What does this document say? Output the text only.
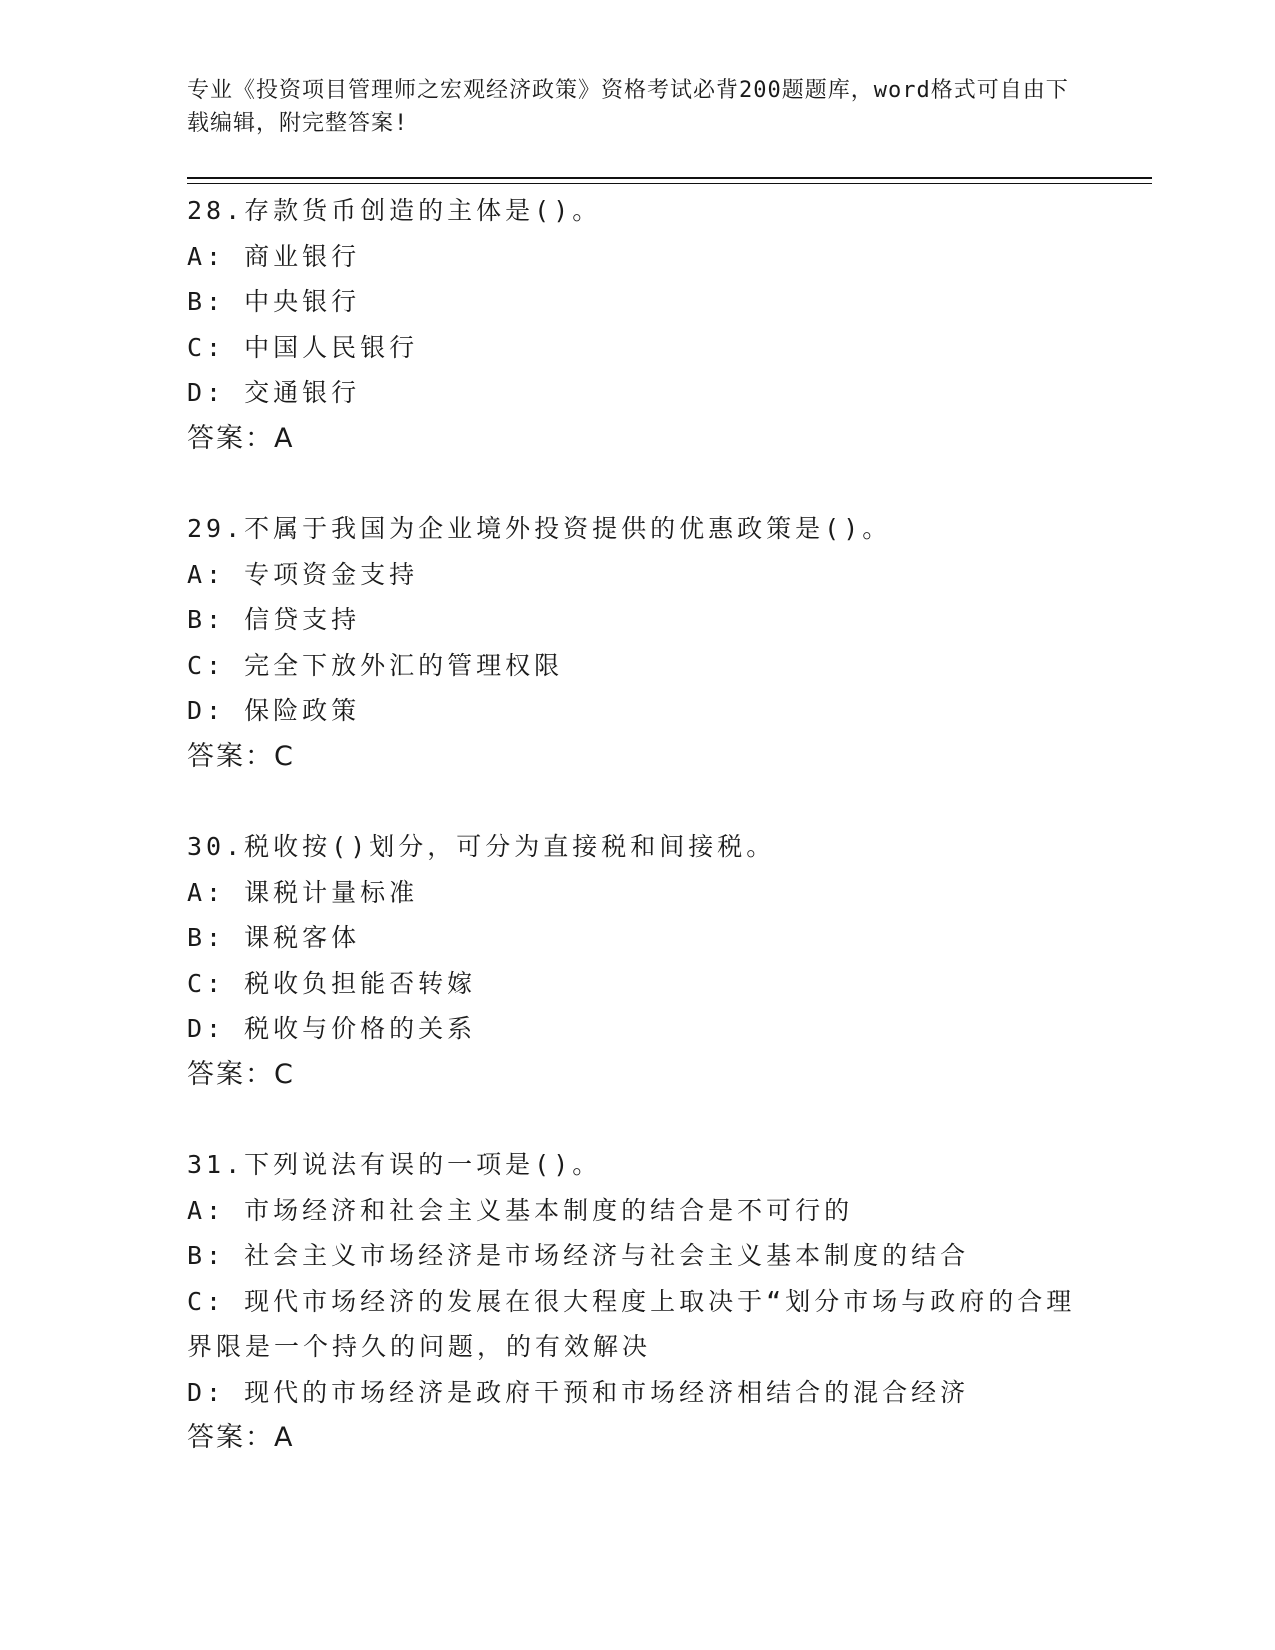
专业《投资项目管理师之宏观经济政策》资格考试必背200题题库，word格式可自由下载编辑，附完整答案!
28.存款货币创造的主体是()。
A: 商业银行
B: 中央银行
C: 中国人民银行
D: 交通银行
答案：A
29.不属于我国为企业境外投资提供的优惠政策是()。
A: 专项资金支持
B: 信贷支持
C: 完全下放外汇的管理权限
D: 保险政策
答案：C
30.税收按()划分，可分为直接税和间接税。
A: 课税计量标准
B: 课税客体
C: 税收负担能否转嫁
D: 税收与价格的关系
答案：C
31.下列说法有误的一项是()。
A: 市场经济和社会主义基本制度的结合是不可行的
B: 社会主义市场经济是市场经济与社会主义基本制度的结合
C: 现代市场经济的发展在很大程度上取决于“划分市场与政府的合理界限是一个持久的问题，的有效解决
D: 现代的市场经济是政府干预和市场经济相结合的混合经济
答案：A
